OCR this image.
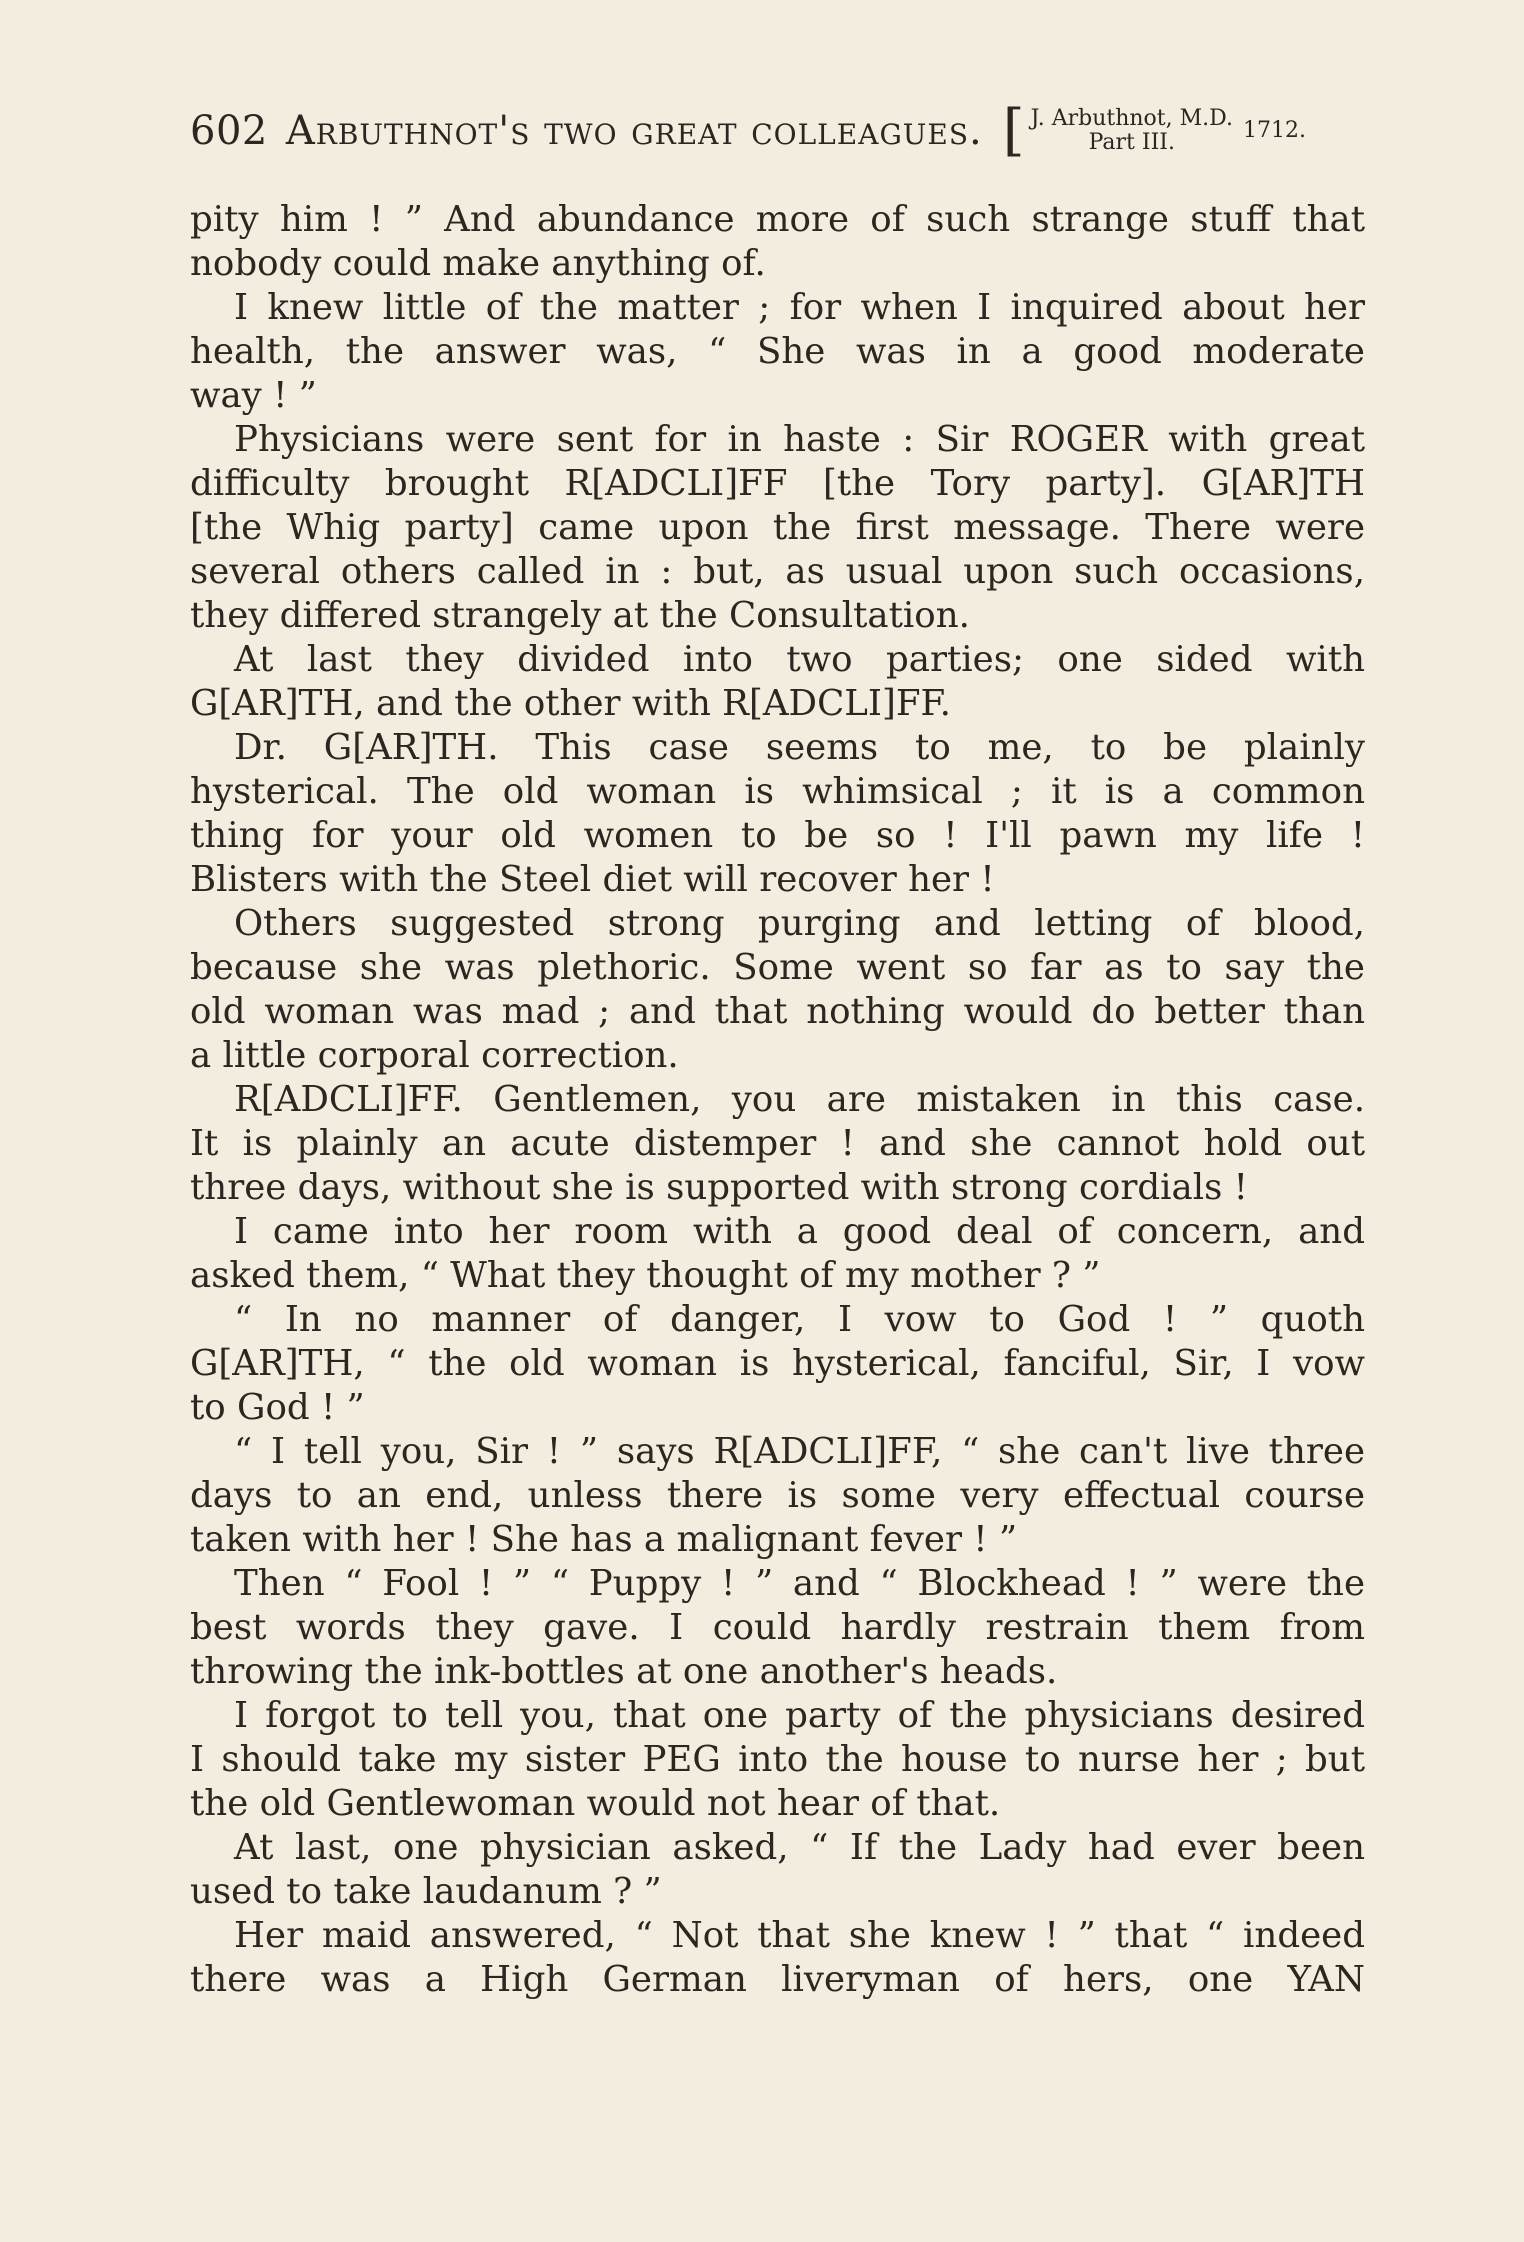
602 Arbuthnot's two great colleagues. [ J. Arbuthnot, M.D.
Part III.	1712.
pity him ! ” And abundance more of such strange stuff that
nobody could make anything of.
I knew little of the matter ; for when I inquired about her
health, the answer was, “ She was in a good moderate
way ! ”
Physicians were sent for in haste : Sir ROGER with great
difficulty brought R[ADCLI]FF [the Tory party]. G[AR]TH
[the Whig party] came upon the first message. There were
several others called in : but, as usual upon such occasions,
they differed strangely at the Consultation.
At last they divided into two parties; one sided with
G[AR]TH, and the other with R[ADCLI]FF.
Dr. G[AR]TH. This case seems to me, to be plainly
hysterical. The old woman is whimsical ; it is a common
thing for your old women to be so ! I'll pawn my life !
Blisters with the Steel diet will recover her !
Others suggested strong purging and letting of blood,
because she was plethoric. Some went so far as to say the
old woman was mad ; and that nothing would do better than
a little corporal correction.
R[ADCLI]FF. Gentlemen, you are mistaken in this case.
It is plainly an acute distemper ! and she cannot hold out
three days, without she is supported with strong cordials !
I came into her room with a good deal of concern, and
asked them, “ What they thought of my mother ? ”
“ In no manner of danger, I vow to God ! ” quoth
G[AR]TH, “ the old woman is hysterical, fanciful, Sir, I vow
to God ! ”
“ I tell you, Sir ! ” says R[ADCLI]FF, “ she can't live three
days to an end, unless there is some very effectual course
taken with her ! She has a malignant fever ! ”
Then “ Fool ! ” “ Puppy ! ” and “ Blockhead ! ” were the
best words they gave. I could hardly restrain them from
throwing the ink-bottles at one another's heads.
I forgot to tell you, that one party of the physicians desired
I should take my sister PEG into the house to nurse her ; but
the old Gentlewoman would not hear of that.
At last, one physician asked, “ If the Lady had ever been
used to take laudanum ? ”
Her maid answered, “ Not that she knew ! ” that “ indeed
there was a High German liveryman of hers, one YAN
